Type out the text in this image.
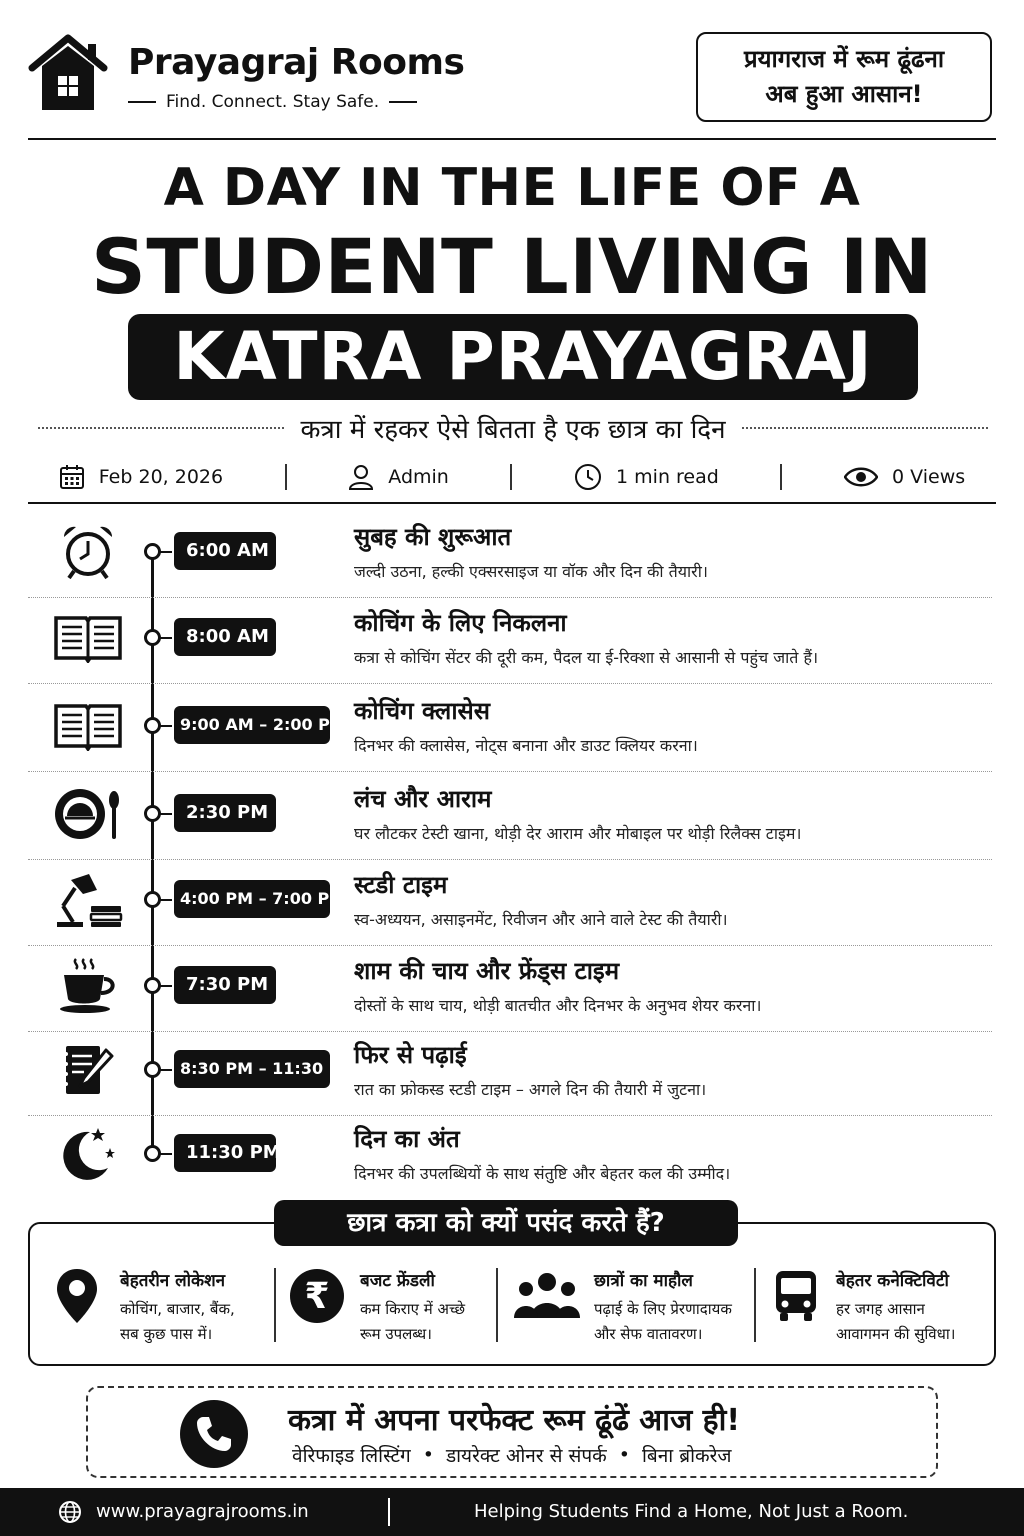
Prayagraj Rooms
Find. Connect. Stay Safe.
प्रयागराज में रूम ढूंढना
अब हुआ आसान!
A DAY IN THE LIFE OF A
STUDENT LIVING IN
KATRA PRAYAGRAJ
कत्रा में रहकर ऐसे बितता है एक छात्र का दिन
Feb 20, 2026	Admin	1 min read	0 Views
6:00 AM	सुबह की शुरूआत
जल्दी उठना, हल्की एक्सरसाइज या वॉक और दिन की तैयारी।
8:00 AM	कोचिंग के लिए निकलना
कत्रा से कोचिंग सेंटर की दूरी कम, पैदल या ई-रिक्शा से आसानी से पहुंच जाते हैं।
9:00 AM – 2:00 PM कोचिंग क्लासेस
दिनभर की क्लासेस, नोट्स बनाना और डाउट क्लियर करना।
2:30 PM	लंच और आराम
घर लौटकर टेस्टी खाना, थोड़ी देर आराम और मोबाइल पर थोड़ी रिलैक्स टाइम।
4:00 PM – 7:00 PM स्टडी टाइम
स्व-अध्ययन, असाइनमेंट, रिवीजन और आने वाले टेस्ट की तैयारी।
7:30 PM	शाम की चाय और फ्रेंड्स टाइम
दोस्तों के साथ चाय, थोड़ी बातचीत और दिनभर के अनुभव शेयर करना।
8:30 PM – 11:30 PM
फिर से पढ़ाई
रात का फ्रोकस्ड स्टडी टाइम – अगले दिन की तैयारी में जुटना।
11:30 PM	दिन का अंत
दिनभर की उपलब्धियों के साथ संतुष्टि और बेहतर कल की उम्मीद।
बेहतरीन लोकेशन
कोचिंग, बाजार, बैंक,
सब कुछ पास में।
₹ बजट फ्रेंडली
कम किराए में अच्छे
रूम उपलब्ध।
छात्रों का माहौल
पढ़ाई के लिए प्रेरणादायक
और सेफ वातावरण।
बेहतर कनेक्टिविटी
हर जगह आसान
आवागमन की सुविधा।
छात्र कत्रा को क्यों पसंद करते हैं?
कत्रा में अपना परफेक्ट रूम ढूंढें आज ही!
वेरिफाइड लिस्टिंग • डायरेक्ट ओनर से संपर्क • बिना ब्रोकरेज
www.prayagrajrooms.in	Helping Students Find a Home, Not Just a Room.
